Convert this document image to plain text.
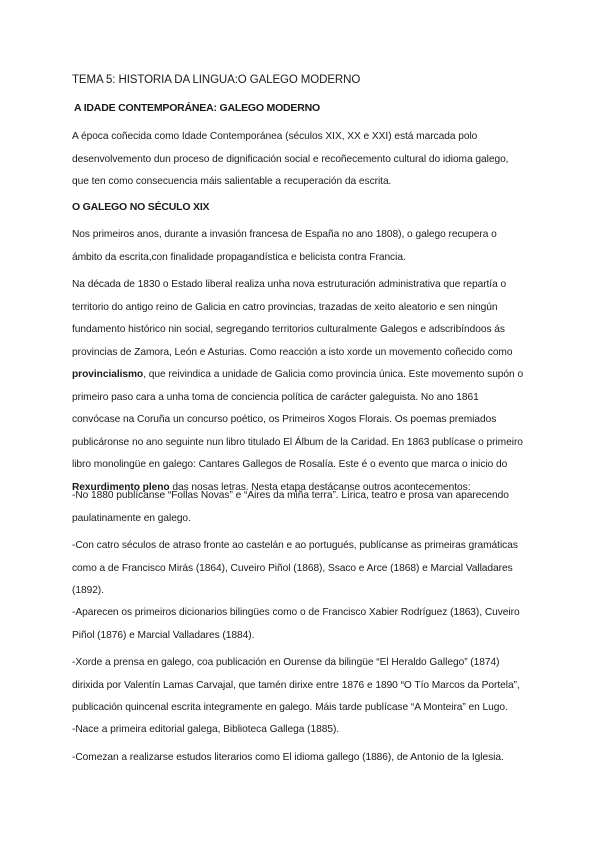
TEMA 5: HISTORIA DA LINGUA:O GALEGO MODERNO
A IDADE CONTEMPORÁNEA: GALEGO MODERNO
A época coñecida como Idade Contemporánea (séculos XIX, XX e XXI) está marcada polo
desenvolvemento dun proceso de dignificación social e recoñecemento cultural do idioma galego,
que ten como consecuencia máis salientable a recuperación da escrita.
O GALEGO NO SÉCULO XIX
Nos primeiros anos, durante a invasión francesa de España no ano 1808), o galego recupera o
ámbito da escrita,con finalidade propagandística e belicista contra Francia.
Na década de 1830 o Estado liberal realiza unha nova estruturación administrativa que repartía o
territorio do antigo reino de Galicia en catro provincias, trazadas de xeito aleatorio e sen ningún
fundamento histórico nin social, segregando territorios culturalmente Galegos e adscribíndoos ás
provincias de Zamora, León e Asturias. Como reacción a isto xorde un movemento coñecido como
provincialismo, que reivindica a unidade de Galicia como provincia única. Este movemento supón o
primeiro paso cara a unha toma de conciencia política de carácter galeguista. No ano 1861
convócase na Coruña un concurso poético, os Primeiros Xogos Florais. Os poemas premiados
publicáronse no ano seguinte nun libro titulado El Álbum de la Caridad. En 1863 publícase o primeiro
libro monolingüe en galego: Cantares Gallegos de Rosalía. Este é o evento que marca o inicio do
Rexurdimento pleno das nosas letras. Nesta etapa destácanse outros acontecementos:
-No 1880 publícanse “Follas Novas” e “Aires da miña terra”. Lírica, teatro e prosa van aparecendo
paulatinamente en galego.
-Con catro séculos de atraso fronte ao castelán e ao portugués, publícanse as primeiras gramáticas
como a de Francisco Mirás (1864), Cuveiro Piñol (1868), Ssaco e Arce (1868) e Marcial Valladares
(1892).
-Aparecen os primeiros dicionarios bilingües como o de Francisco Xabier Rodríguez (1863), Cuveiro
Piñol (1876) e Marcial Valladares (1884).
-Xorde a prensa en galego, coa publicación en Ourense da bilingüe “El Heraldo Gallego” (1874)
dirixida por Valentín Lamas Carvajal, que tamén dirixe entre 1876 e 1890 “O Tío Marcos da Portela”,
publicación quincenal escrita integramente en galego. Máis tarde publícase “A Monteira” en Lugo.
-Nace a primeira editorial galega, Biblioteca Gallega (1885).
-Comezan a realizarse estudos literarios como El idioma gallego (1886), de Antonio de la Iglesia.
